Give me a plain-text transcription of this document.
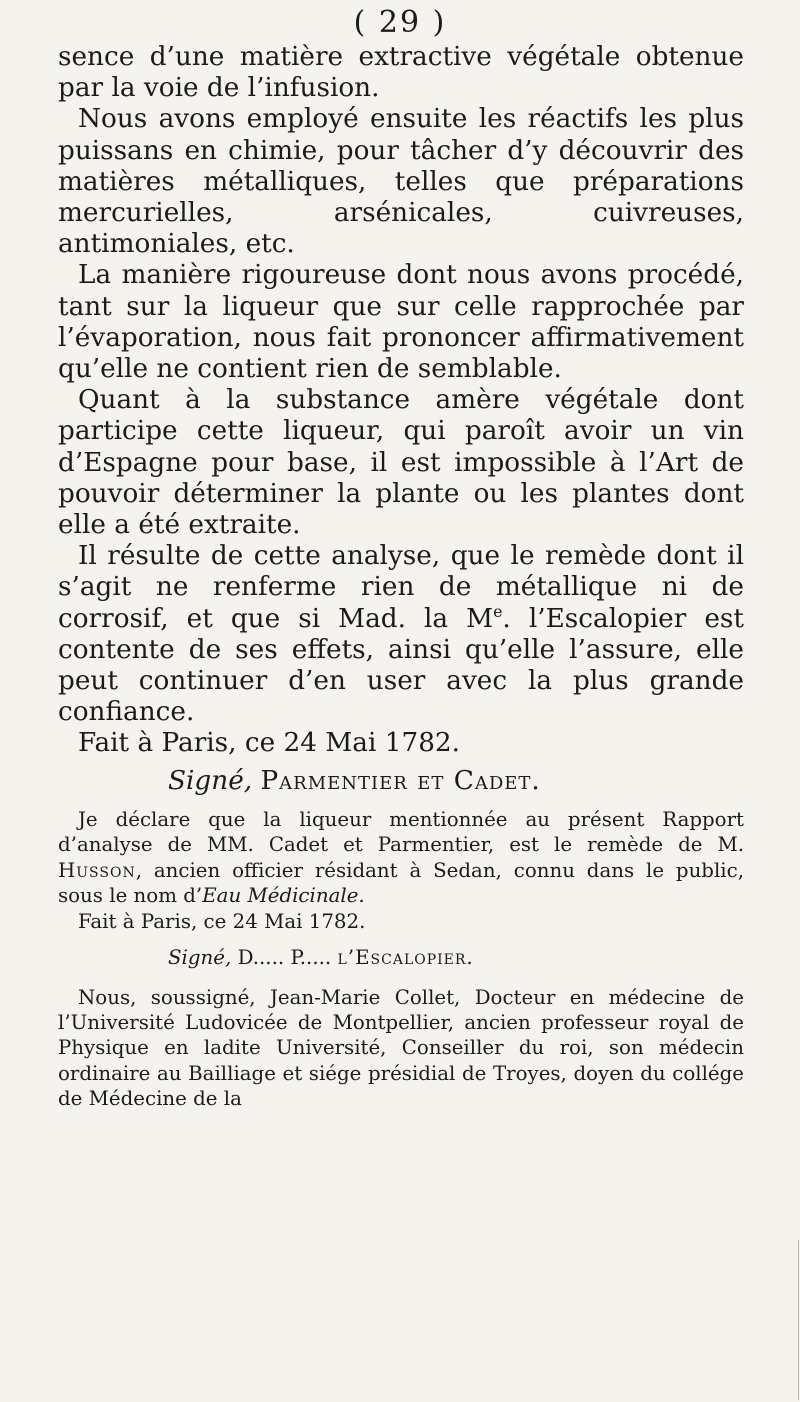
( 29 )

sence d’une matière extractive végétale obtenue par la voie de l’infusion.

Nous avons employé ensuite les réactifs les plus puissans en chimie, pour tâcher d’y découvrir des matières métalliques, telles que préparations mercurielles, arsénicales, cuivreuses, antimoniales, etc.

La manière rigoureuse dont nous avons procédé, tant sur la liqueur que sur celle rapprochée par l’évaporation, nous fait prononcer affirmativement qu’elle ne contient rien de semblable.

Quant à la substance amère végétale dont participe cette liqueur, qui paroît avoir un vin d’Espagne pour base, il est impossible à l’Art de pouvoir déterminer la plante ou les plantes dont elle a été extraite.

Il résulte de cette analyse, que le remède dont il s’agit ne renferme rien de métallique ni de corrosif, et que si Mad. la Me. l’Escalopier est contente de ses effets, ainsi qu’elle l’assure, elle peut continuer d’en user avec la plus grande confiance.

Fait à Paris, ce 24 Mai 1782.

Signé, Parmentier et Cadet.

Je déclare que la liqueur mentionnée au présent Rapport d’analyse de MM. Cadet et Parmentier, est le remède de M. Husson, ancien officier résidant à Sedan, connu dans le public, sous le nom d’Eau Médicinale.

Fait à Paris, ce 24 Mai 1782.

Signé, D..... P..... l’Escalopier.

Nous, soussigné, Jean-Marie Collet, Docteur en médecine de l’Université Ludovicée de Montpellier, ancien professeur royal de Physique en ladite Université, Conseiller du roi, son médecin ordinaire au Bailliage et siége présidial de Troyes, doyen du collége de Médecine de la
